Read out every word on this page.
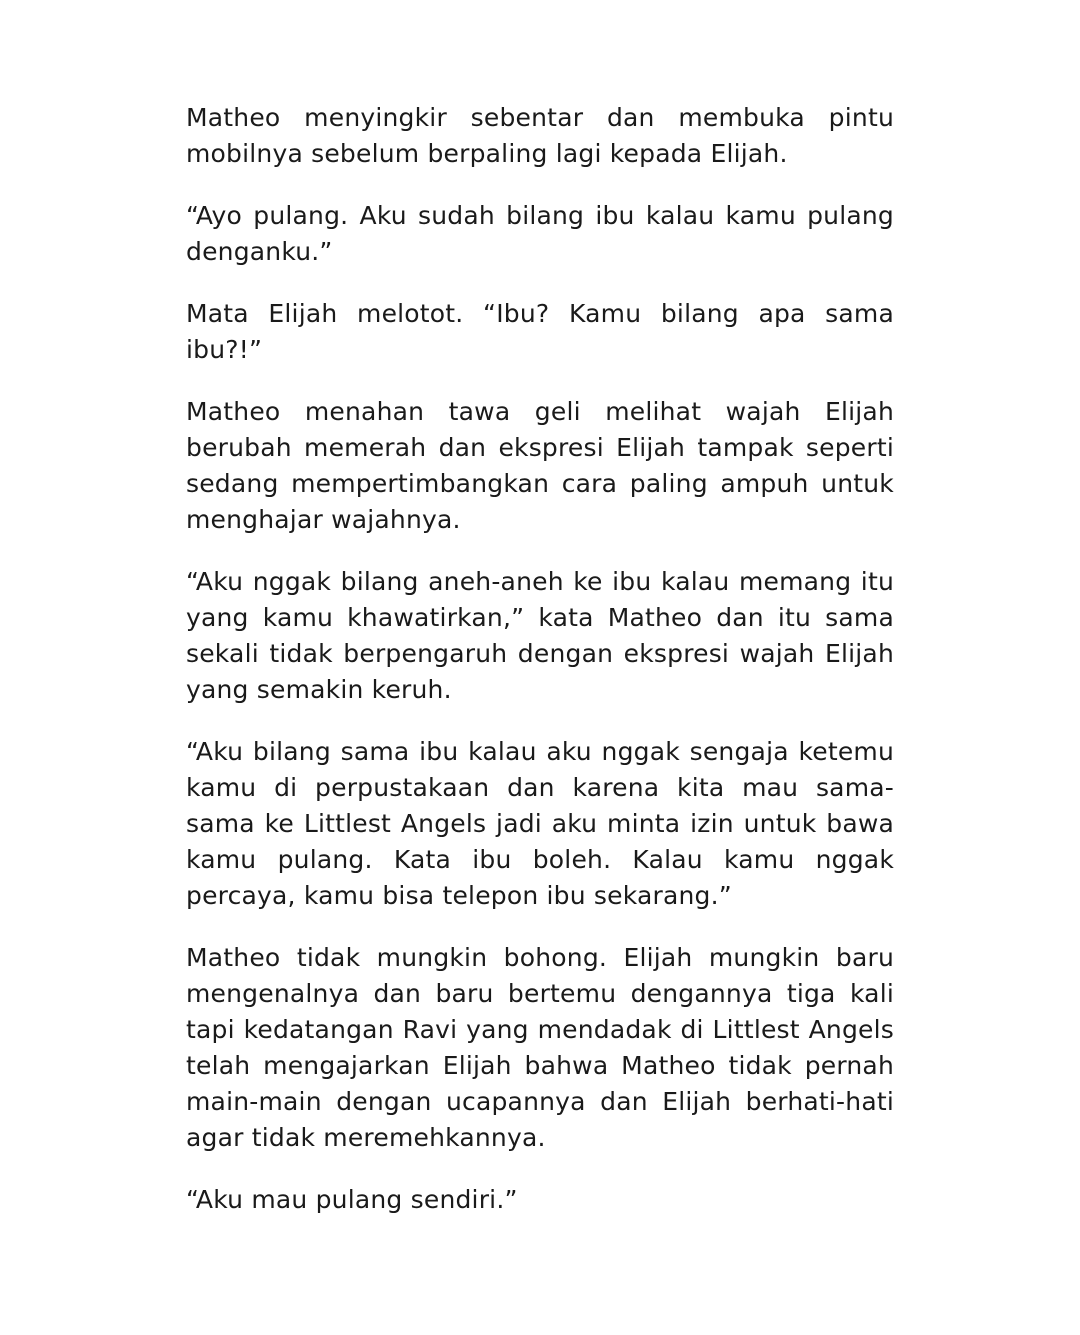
Matheo menyingkir sebentar dan membuka pintu mobilnya sebelum berpaling lagi kepada Elijah.

“Ayo pulang. Aku sudah bilang ibu kalau kamu pulang denganku.”

Mata Elijah melotot. “Ibu? Kamu bilang apa sama ibu?!”

Matheo menahan tawa geli melihat wajah Elijah berubah memerah dan ekspresi Elijah tampak seperti sedang mempertimbangkan cara paling ampuh untuk menghajar wajahnya.

“Aku nggak bilang aneh-aneh ke ibu kalau memang itu yang kamu khawatirkan,” kata Matheo dan itu sama sekali tidak berpengaruh dengan ekspresi wajah Elijah yang semakin keruh.

“Aku bilang sama ibu kalau aku nggak sengaja ketemu kamu di perpustakaan dan karena kita mau sama-sama ke Littlest Angels jadi aku minta izin untuk bawa kamu pulang. Kata ibu boleh. Kalau kamu nggak percaya, kamu bisa telepon ibu sekarang.”

Matheo tidak mungkin bohong. Elijah mungkin baru mengenalnya dan baru bertemu dengannya tiga kali tapi kedatangan Ravi yang mendadak di Littlest Angels telah mengajarkan Elijah bahwa Matheo tidak pernah main-main dengan ucapannya dan Elijah berhati-hati agar tidak meremehkannya.

“Aku mau pulang sendiri.”
